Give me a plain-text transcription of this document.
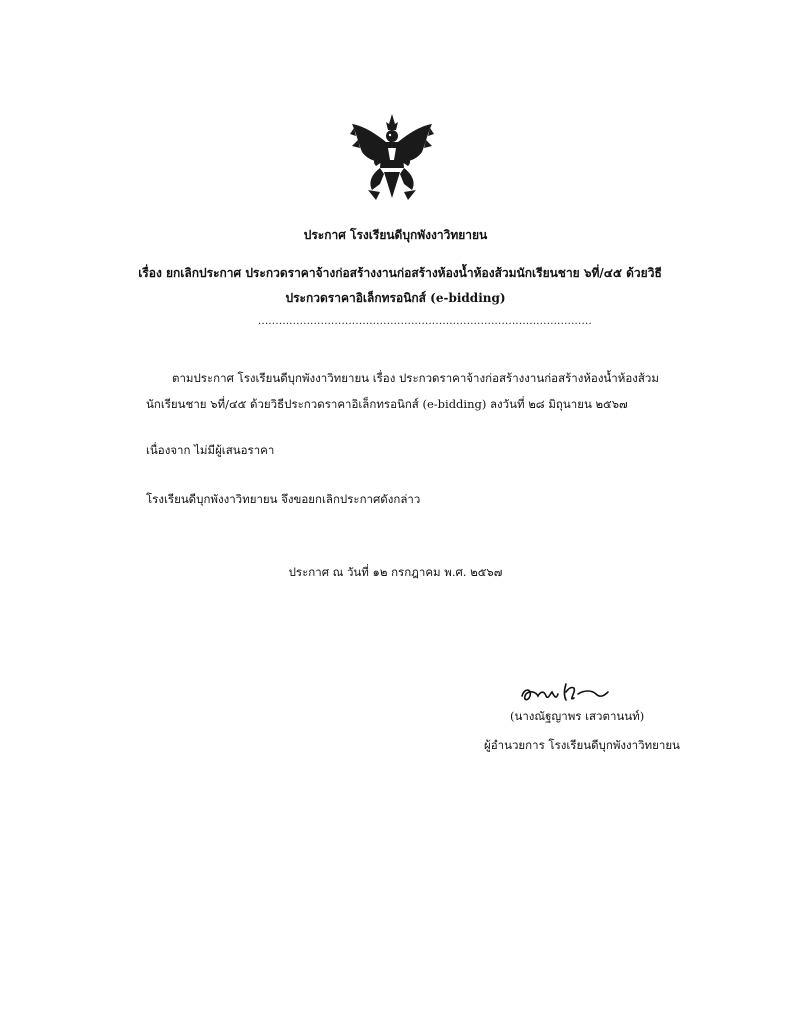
ประกาศ โรงเรียนดีบุกพังงาวิทยายน
เรื่อง ยกเลิกประกาศ ประกวดราคาจ้างก่อสร้างงานก่อสร้างห้องน้ำห้องส้วมนักเรียนชาย ๖ที่/๔๕ ด้วยวิธี
ประกวดราคาอิเล็กทรอนิกส์ (e-bidding)
................................................................................................
ตามประกาศ โรงเรียนดีบุกพังงาวิทยายน เรื่อง ประกวดราคาจ้างก่อสร้างงานก่อสร้างห้องน้ำห้องส้วม
นักเรียนชาย ๖ที่/๔๕ ด้วยวิธีประกวดราคาอิเล็กทรอนิกส์ (e-bidding) ลงวันที่ ๒๘ มิถุนายน ๒๕๖๗
เนื่องจาก ไม่มีผู้เสนอราคา
โรงเรียนดีบุกพังงาวิทยายน จึงขอยกเลิกประกาศดังกล่าว
ประกาศ ณ วันที่ ๑๒ กรกฎาคม พ.ศ. ๒๕๖๗
(นางณัฐญาพร เสวตานนท์)
ผู้อำนวยการ โรงเรียนดีบุกพังงาวิทยายน
